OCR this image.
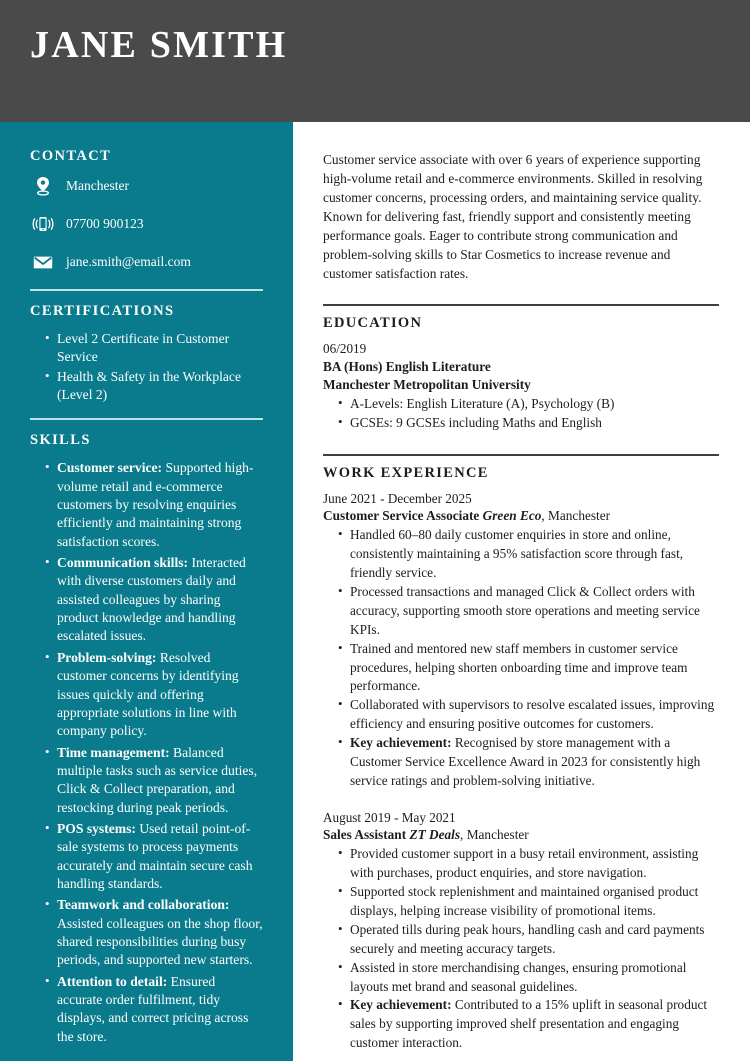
JANE SMITH
CONTACT
Manchester
07700 900123
jane.smith@email.com
CERTIFICATIONS
• Level 2 Certificate in Customer Service
• Health & Safety in the Workplace (Level 2)
SKILLS
• Customer service: Supported high-volume retail and e-commerce customers by resolving enquiries efficiently and maintaining strong satisfaction scores.
• Communication skills: Interacted with diverse customers daily and assisted colleagues by sharing product knowledge and handling escalated issues.
• Problem-solving: Resolved customer concerns by identifying issues quickly and offering appropriate solutions in line with company policy.
• Time management: Balanced multiple tasks such as service duties, Click & Collect preparation, and restocking during peak periods.
• POS systems: Used retail point-of-sale systems to process payments accurately and maintain secure cash handling standards.
• Teamwork and collaboration: Assisted colleagues on the shop floor, shared responsibilities during busy periods, and supported new starters.
• Attention to detail: Ensured accurate order fulfilment, tidy displays, and correct pricing across the store.

Customer service associate with over 6 years of experience supporting high-volume retail and e-commerce environments. Skilled in resolving customer concerns, processing orders, and maintaining service quality. Known for delivering fast, friendly support and consistently meeting performance goals. Eager to contribute strong communication and problem-solving skills to Star Cosmetics to increase revenue and customer satisfaction rates.

EDUCATION
06/2019
BA (Hons) English Literature
Manchester Metropolitan University
• A-Levels: English Literature (A), Psychology (B)
• GCSEs: 9 GCSEs including Maths and English
WORK EXPERIENCE
June 2021 - December 2025
Customer Service Associate Green Eco, Manchester
• Handled 60–80 daily customer enquiries in store and online, consistently maintaining a 95% satisfaction score through fast, friendly service.
• Processed transactions and managed Click & Collect orders with accuracy, supporting smooth store operations and meeting service KPIs.
• Trained and mentored new staff members in customer service procedures, helping shorten onboarding time and improve team performance.
• Collaborated with supervisors to resolve escalated issues, improving efficiency and ensuring positive outcomes for customers.
• Key achievement: Recognised by store management with a Customer Service Excellence Award in 2023 for consistently high service ratings and problem-solving initiative.
August 2019 - May 2021
Sales Assistant ZT Deals, Manchester
• Provided customer support in a busy retail environment, assisting with purchases, product enquiries, and store navigation.
• Supported stock replenishment and maintained organised product displays, helping increase visibility of promotional items.
• Operated tills during peak hours, handling cash and card payments securely and meeting accuracy targets.
• Assisted in store merchandising changes, ensuring promotional layouts met brand and seasonal guidelines.
• Key achievement: Contributed to a 15% uplift in seasonal product sales by supporting improved shelf presentation and engaging customer interaction.
